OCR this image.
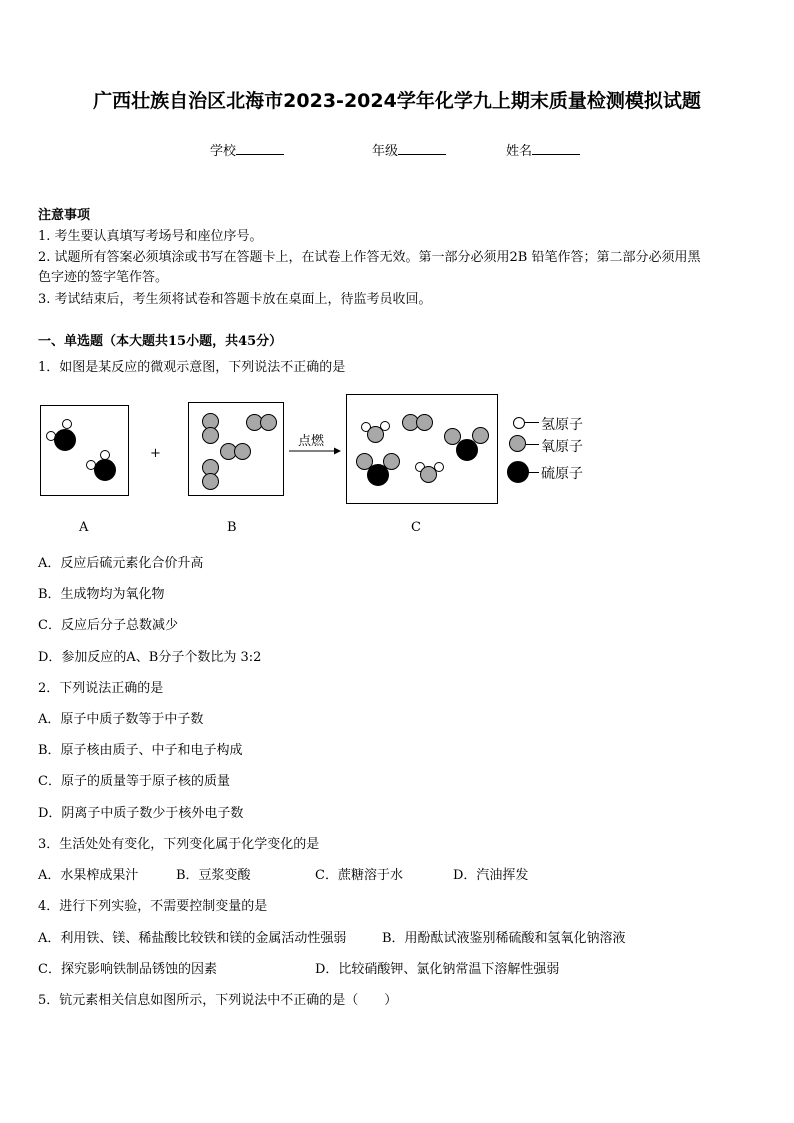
广西壮族自治区北海市2023-2024学年化学九上期末质量检测模拟试题
学校	年级	姓名
注意事项
1. 考生要认真填写考场号和座位序号。
2. 试题所有答案必须填涂或书写在答题卡上，在试卷上作答无效。第一部分必须用2B 铅笔作答；第二部分必须用黑
色字迹的签字笔作答。
3. 考试结束后，考生须将试卷和答题卡放在桌面上，待监考员收回。
一、单选题（本大题共15小题，共45分）
1．如图是某反应的微观示意图，下列说法不正确的是
+
点燃
A	B	C
氢原子
氧原子
硫原子
A．反应后硫元素化合价升高
B．生成物均为氧化物
C．反应后分子总数减少
D．参加反应的A、B分子个数比为 3:2
2．下列说法正确的是
A．原子中质子数等于中子数
B．原子核由质子、中子和电子构成
C．原子的质量等于原子核的质量
D．阴离子中质子数少于核外电子数
3．生活处处有变化，下列变化属于化学变化的是
A．水果榨成果汁	B．豆浆变酸	C．蔗糖溶于水	D．汽油挥发
4．进行下列实验，不需要控制变量的是
A．利用铁、镁、稀盐酸比较铁和镁的金属活动性强弱	B．用酚酞试液鉴别稀硫酸和氢氧化钠溶液
C．探究影响铁制品锈蚀的因素	D．比较硝酸钾、氯化钠常温下溶解性强弱
5．钪元素相关信息如图所示，下列说法中不正确的是（　　）
